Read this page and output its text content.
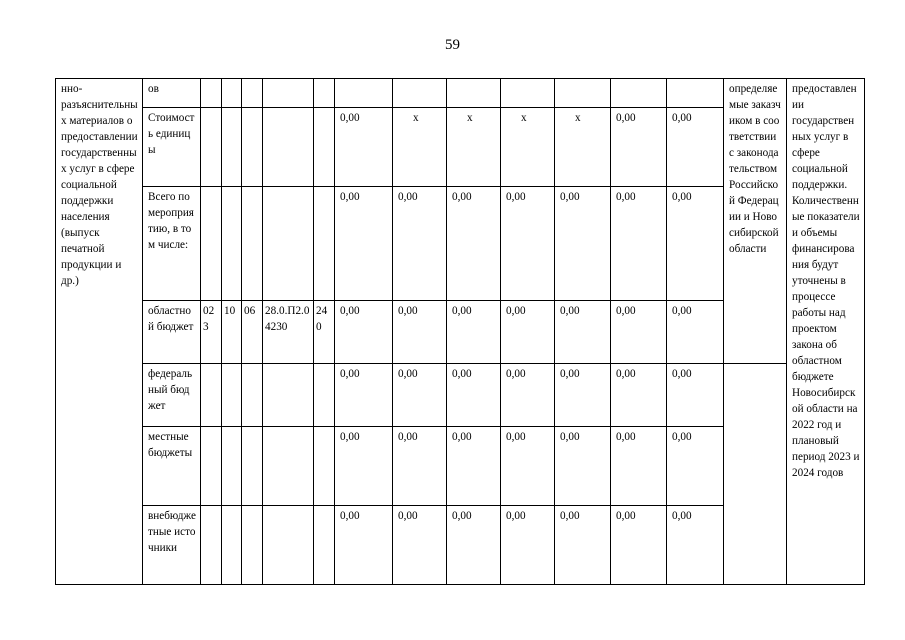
59
нно-разъяснительных материалов о предоставлении государственных услуг в сфере социальной поддержки населения (выпуск печатной продукции и др.)	ов													определяемые заказчиком в соответствии с законодательством Российской Федерации и Новосибирской области	предоставлении государственных услуг в сфере социальной поддержки. Количественные показатели и объемы финансирования будут уточнены в процессе работы над проектом закона об областном бюджете Новосибирской области на 2022 год и плановый период 2023 и 2024 годов
	Стоимость единицы						0,00	x	x	x	x	0,00	0,00		
	Всего по мероприятию, в том числе:						0,00	0,00	0,00	0,00	0,00	0,00	0,00		
	областной бюджет	023	10	06	28.0.П2.04230	240	0,00	0,00	0,00	0,00	0,00	0,00	0,00		
	федеральный бюджет						0,00	0,00	0,00	0,00	0,00	0,00	0,00		
	местные бюджеты						0,00	0,00	0,00	0,00	0,00	0,00	0,00		
	внебюджетные источники						0,00	0,00	0,00	0,00	0,00	0,00	0,00		
